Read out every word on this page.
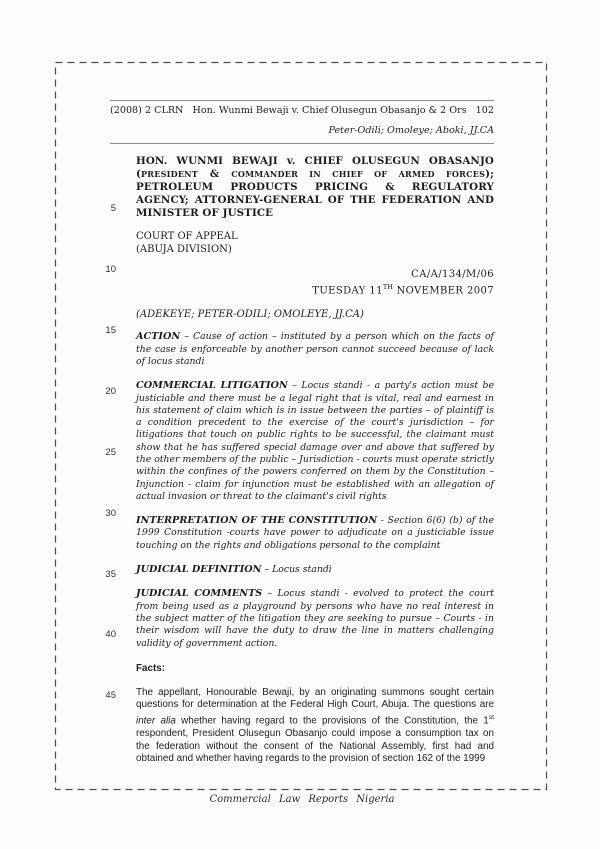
(2008) 2 CLRN Hon. Wunmi Bewaji v. Chief Olusegun Obasanjo & 2 Ors 102
Peter-Odili; Omoleye; Aboki, JJ.CA
HON. WUNMI BEWAJI v. CHIEF OLUSEGUN OBASANJO (PRESIDENT & COMMANDER IN CHIEF OF ARMED FORCES); PETROLEUM PRODUCTS PRICING & REGULATORY AGENCY; ATTORNEY-GENERAL OF THE FEDERATION AND MINISTER OF JUSTICE
COURT OF APPEAL
(ABUJA DIVISION)
CA/A/134/M/06
TUESDAY 11TH NOVEMBER 2007
(ADEKEYE; PETER-ODILI; OMOLEYE, JJ.CA)

ACTION – Cause of action – instituted by a person which on the facts of the case is enforceable by another person cannot succeed because of lack of locus standi

COMMERCIAL LITIGATION – Locus standi - a party's action must be justiciable and there must be a legal right that is vital, real and earnest in his statement of claim which is in issue between the parties – of plaintiff is a condition precedent to the exercise of the court's jurisdiction – for litigations that touch on public rights to be successful, the claimant must show that he has suffered special damage over and above that suffered by the other members of the public – Jurisdiction - courts must operate strictly within the confines of the powers conferred on them by the Constitution – Injunction - claim for injunction must be established with an allegation of actual invasion or threat to the claimant's civil rights

INTERPRETATION OF THE CONSTITUTION - Section 6(6) (b) of the 1999 Constitution -courts have power to adjudicate on a justiciable issue touching on the rights and obligations personal to the complaint

JUDICIAL DEFINITION – Locus standi

JUDICIAL COMMENTS – Locus standi - evolved to protect the court from being used as a playground by persons who have no real interest in the subject matter of the litigation they are seeking to pursue – Courts - in their wisdom will have the duty to draw the line in matters challenging validity of government action.

Facts:

The appellant, Honourable Bewaji, by an originating summons sought certain questions for determination at the Federal High Court, Abuja. The questions are inter alia whether having regard to the provisions of the Constitution, the 1st respondent, President Olusegun Obasanjo could impose a consumption tax on the federation without the consent of the National Assembly, first had and obtained and whether having regards to the provision of section 162 of the 1999

Commercial Law Reports Nigeria
5
10
15
20
25
30
35
40
45
